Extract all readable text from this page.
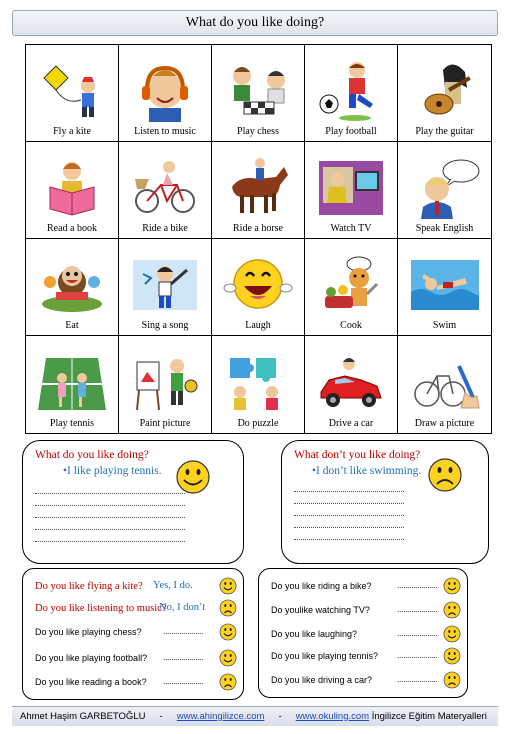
What do you like doing?
Fly a kite	Listen to music	Play chess	Play football	Play the guitar
Read a book	Ride a bike	Ride a horse	Watch TV	Speak English
Eat	Sing a song	Laugh	Cook	Swim
Play tennis	Paint picture	Do puzzle	Drive a car	Draw a picture
What do you like doing?
•I like playing tennis.
What don’t you like doing?
•I don’t like swimming.
Do you like flying a kite? Yes, I do.
Do you like listening to music?
No, I don’t
Do you like playing chess? ....................
Do you like playing football? ....................
Do you like reading a book? ....................
Do you like riding a bike?	....................
Do youlike watching TV?	....................
Do you like laughing?	....................
Do you like playing tennis? ....................
Do you like driving a car?	....................
Ahmet Haşim GARBETOĞLU - www.ahingilizce.com - www.okuling.com İngilizce Eğitim Materyalleri
